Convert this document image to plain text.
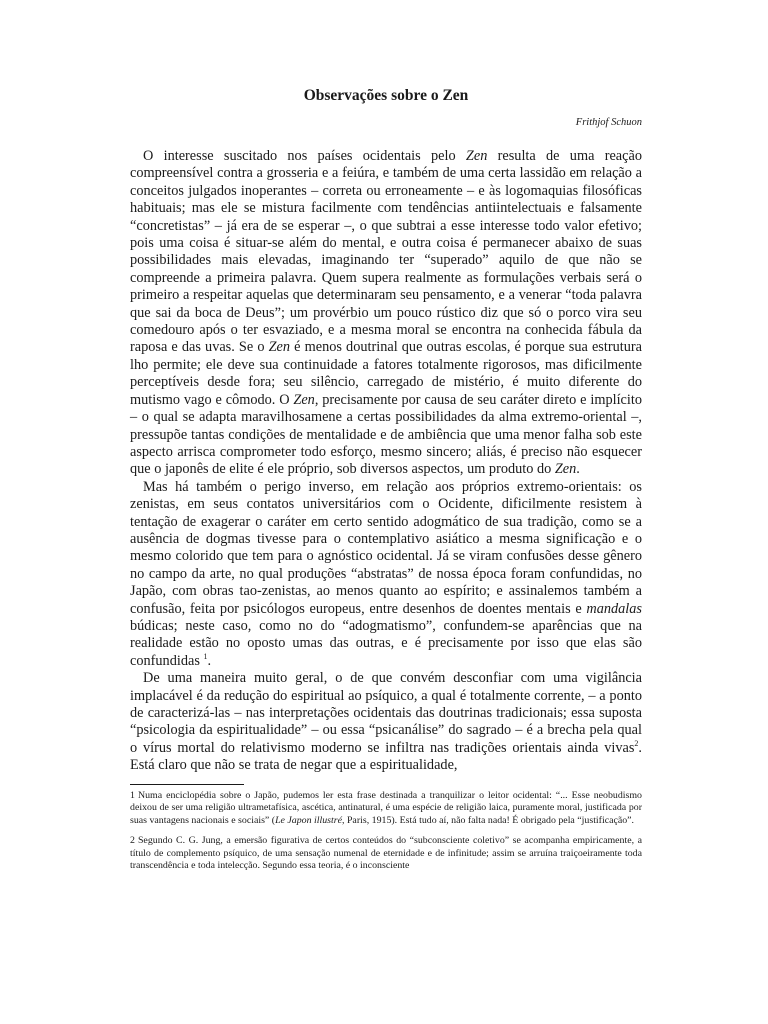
Observações sobre o Zen
Frithjof Schuon

O interesse suscitado nos países ocidentais pelo Zen resulta de uma reação compreensível contra a grosseria e a feiúra, e também de uma certa lassidão em relação a conceitos julgados inoperantes – correta ou erroneamente – e às logomaquias filosóficas habituais; mas ele se mistura facilmente com tendências antiintelectuais e falsamente “concretistas” – já era de se esperar –, o que subtrai a esse interesse todo valor efetivo; pois uma coisa é situar-se além do mental, e outra coisa é permanecer abaixo de suas possibilidades mais elevadas, imaginando ter “superado” aquilo de que não se compreende a primeira palavra. Quem supera realmente as formulações verbais será o primeiro a respeitar aquelas que determinaram seu pensamento, e a venerar “toda palavra que sai da boca de Deus”; um provérbio um pouco rústico diz que só o porco vira seu comedouro após o ter esvaziado, e a mesma moral se encontra na conhecida fábula da raposa e das uvas. Se o Zen é menos doutrinal que outras escolas, é porque sua estrutura lho permite; ele deve sua continuidade a fatores totalmente rigorosos, mas dificilmente perceptíveis desde fora; seu silêncio, carregado de mistério, é muito diferente do mutismo vago e cômodo. O Zen, precisamente por causa de seu caráter direto e implícito – o qual se adapta maravilhosamene a certas possibilidades da alma extremo-oriental –, pressupõe tantas condições de mentalidade e de ambiência que uma menor falha sob este aspecto arrisca comprometer todo esforço, mesmo sincero; aliás, é preciso não esquecer que o japonês de elite é ele próprio, sob diversos aspectos, um produto do Zen.

Mas há também o perigo inverso, em relação aos próprios extremo-orientais: os zenistas, em seus contatos universitários com o Ocidente, dificilmente resistem à tentação de exagerar o caráter em certo sentido adogmático de sua tradição, como se a ausência de dogmas tivesse para o contemplativo asiático a mesma significação e o mesmo colorido que tem para o agnóstico ocidental. Já se viram confusões desse gênero no campo da arte, no qual produções “abstratas” de nossa época foram confundidas, no Japão, com obras tao-zenistas, ao menos quanto ao espírito; e assinalemos também a confusão, feita por psicólogos europeus, entre desenhos de doentes mentais e mandalas búdicas; neste caso, como no do “adogmatismo”, confundem-se aparências que na realidade estão no oposto umas das outras, e é precisamente por isso que elas são confundidas $^1$.

De uma maneira muito geral, o de que convém desconfiar com uma vigilância implacável é da redução do espiritual ao psíquico, a qual é totalmente corrente, – a ponto de caracterizá-las – nas interpretações ocidentais das doutrinas tradicionais; essa suposta “psicologia da espiritualidade” – ou essa “psicanálise” do sagrado – é a brecha pela qual o vírus mortal do relativismo moderno se infiltra nas tradições orientais ainda vivas$^2$. Está claro que não se trata de negar que a espiritualidade,

1 Numa enciclopédia sobre o Japão, pudemos ler esta frase destinada a tranquilizar o leitor ocidental: “... Esse neobudismo deixou de ser uma religião ultrametafísica, ascética, antinatural, é uma espécie de religião laica, puramente moral, justificada por suas vantagens nacionais e sociais” (Le Japon illustré, Paris, 1915). Está tudo aí, não falta nada! É obrigado pela “justificação”.

2 Segundo C. G. Jung, a emersão figurativa de certos conteúdos do “subconsciente coletivo” se acompanha empiricamente, a título de complemento psíquico, de uma sensação numenal de eternidade e de infinitude; assim se arruína traiçoeiramente toda transcendência e toda intelecção. Segundo essa teoria, é o inconsciente
